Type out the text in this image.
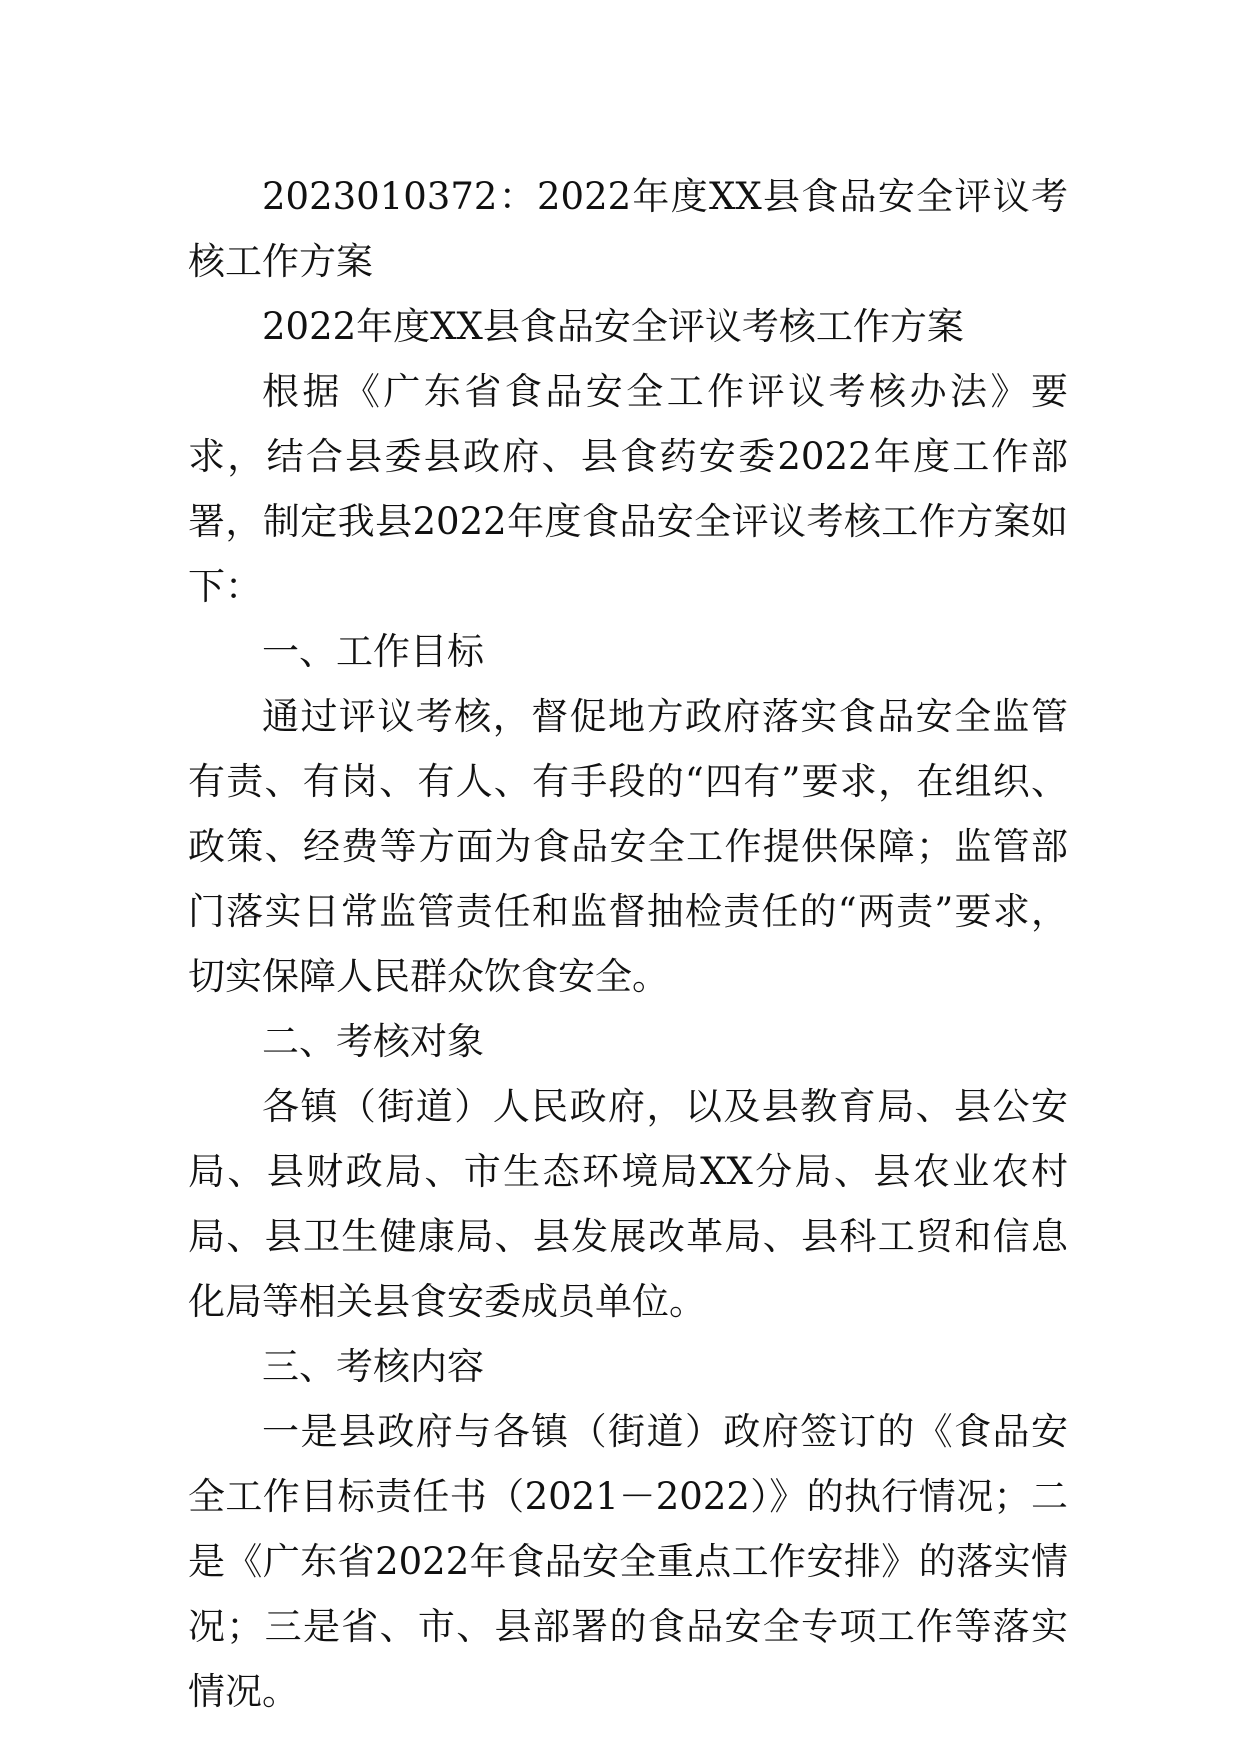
2023010372：2022年度XX县食品安全评议考核工作方案

2022年度XX县食品安全评议考核工作方案

根据《广东省食品安全工作评议考核办法》要求，结合县委县政府、县食药安委2022年度工作部署，制定我县2022年度食品安全评议考核工作方案如下：

一、工作目标

通过评议考核，督促地方政府落实食品安全监管有责、有岗、有人、有手段的“四有”要求，在组织、政策、经费等方面为食品安全工作提供保障；监管部门落实日常监管责任和监督抽检责任的“两责”要求，切实保障人民群众饮食安全。

二、考核对象

各镇（街道）人民政府，以及县教育局、县公安局、县财政局、市生态环境局XX分局、县农业农村局、县卫生健康局、县发展改革局、县科工贸和信息化局等相关县食安委成员单位。

三、考核内容

一是县政府与各镇（街道）政府签订的《食品安全工作目标责任书（2021－2022）》的执行情况；二是《广东省2022年食品安全重点工作安排》的落实情况；三是省、市、县部署的食品安全专项工作等落实情况。
